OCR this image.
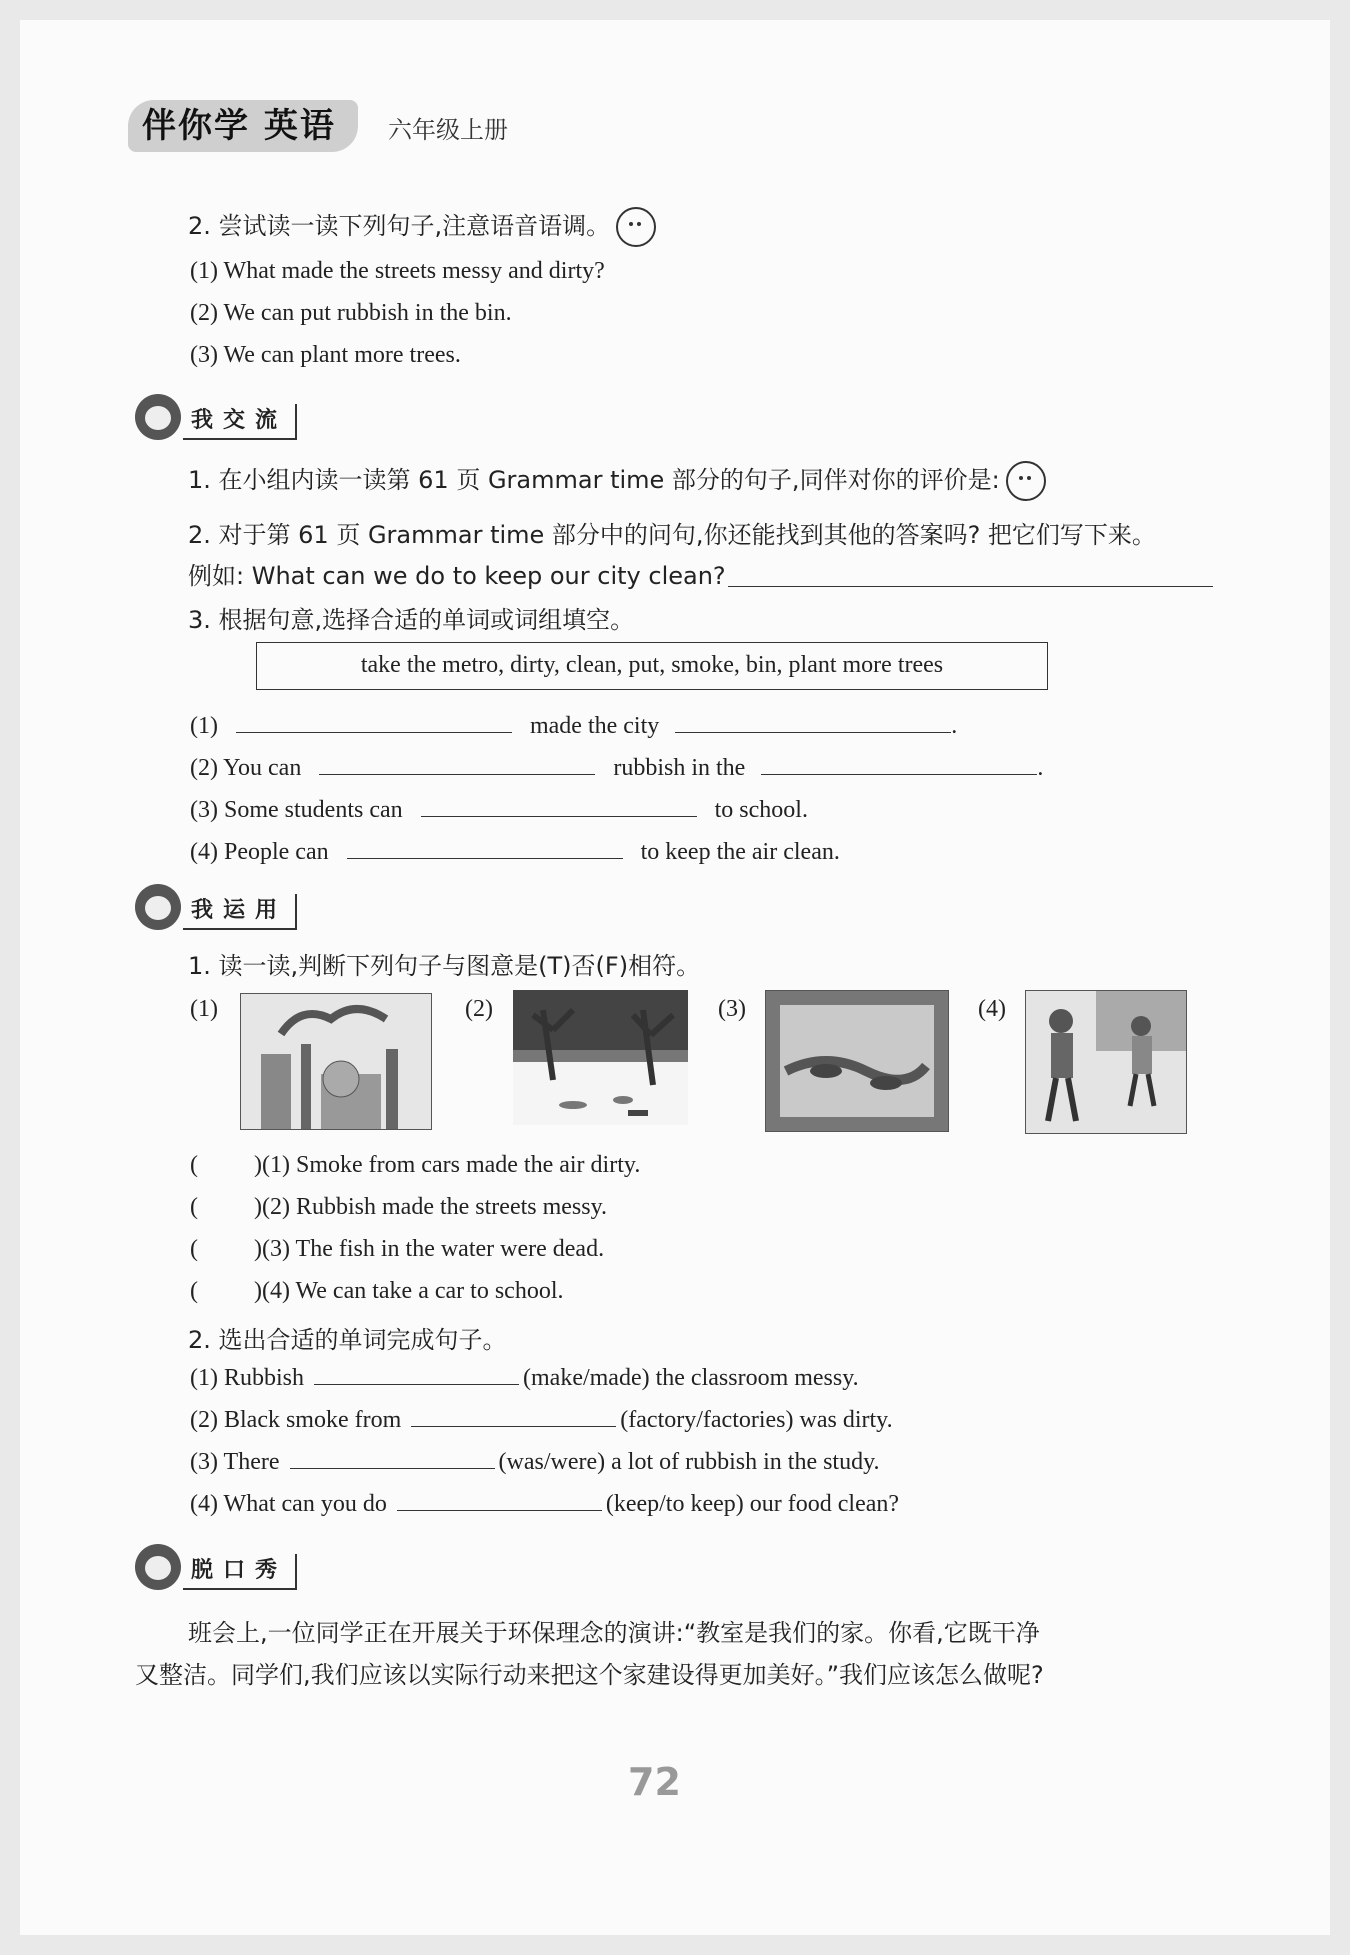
伴你学 英语	六年级上册
2. 尝试读一读下列句子,注意语音语调。
(1) What made the streets messy and dirty?
(2) We can put rubbish in the bin.
(3) We can plant more trees.
我交流
1. 在小组内读一读第 61 页 Grammar time 部分的句子,同伴对你的评价是:
2. 对于第 61 页 Grammar time 部分中的问句,你还能找到其他的答案吗? 把它们写下来。
例如: What can we do to keep our city clean?
3. 根据句意,选择合适的单词或词组填空。
take the metro, dirty, clean, put, smoke, bin, plant more trees
(1)	made the city	.
(2) You can	rubbish in the	.
(3) Some students can	to school.
(4) People can	to keep the air clean.
我运用
1. 读一读,判断下列句子与图意是(T)否(F)相符。
(1)	(2)	(3)	(4)
( )(1) Smoke from cars made the air dirty.
( )(2) Rubbish made the streets messy.
( )(3) The fish in the water were dead.
( )(4) We can take a car to school.
2. 选出合适的单词完成句子。
(1) Rubbish	(make/made) the classroom messy.
(2) Black smoke from	(factory/factories) was dirty.
(3) There	(was/were) a lot of rubbish in the study.
(4) What can you do	(keep/to keep) our food clean?
脱口秀
班会上,一位同学正在开展关于环保理念的演讲:“教室是我们的家。你看,它既干净
又整洁。同学们,我们应该以实际行动来把这个家建设得更加美好。”我们应该怎么做呢?
72
